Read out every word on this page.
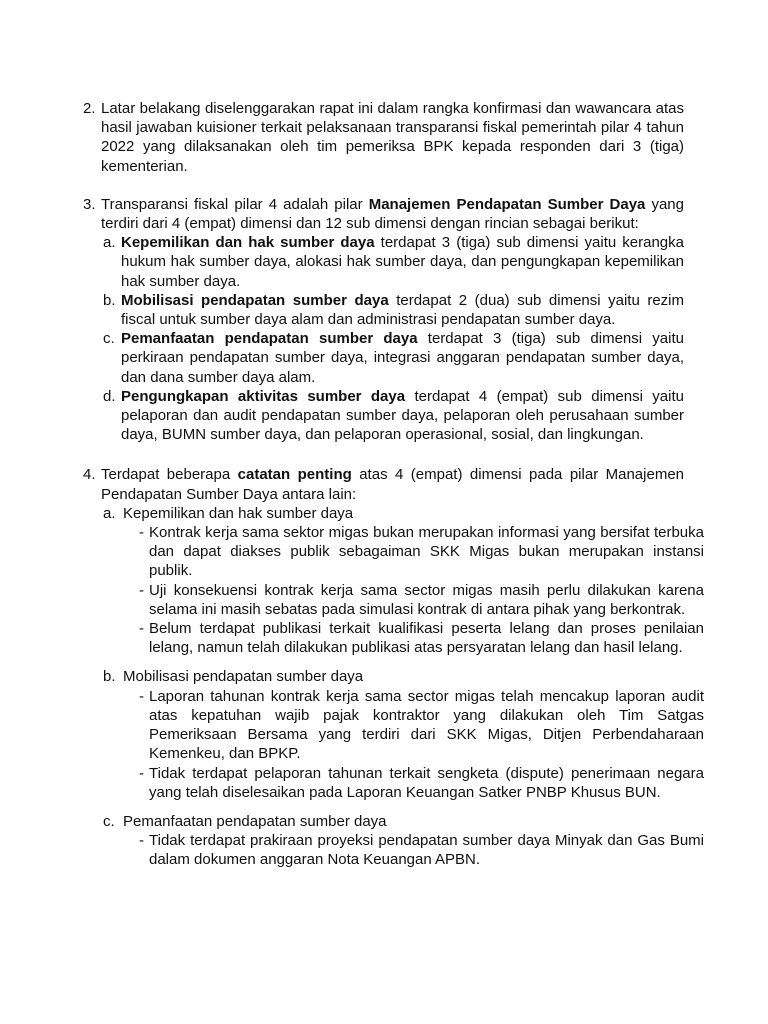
2. Latar belakang diselenggarakan rapat ini dalam rangka konfirmasi dan wawancara atas hasil jawaban kuisioner terkait pelaksanaan transparansi fiskal pemerintah pilar 4 tahun 2022 yang dilaksanakan oleh tim pemeriksa BPK kepada responden dari 3 (tiga) kementerian.
3. Transparansi fiskal pilar 4 adalah pilar Manajemen Pendapatan Sumber Daya yang terdiri dari 4 (empat) dimensi dan 12 sub dimensi dengan rincian sebagai berikut:
a. Kepemilikan dan hak sumber daya terdapat 3 (tiga) sub dimensi yaitu kerangka hukum hak sumber daya, alokasi hak sumber daya, dan pengungkapan kepemilikan hak sumber daya.
b. Mobilisasi pendapatan sumber daya terdapat 2 (dua) sub dimensi yaitu rezim fiscal untuk sumber daya alam dan administrasi pendapatan sumber daya.
c. Pemanfaatan pendapatan sumber daya terdapat 3 (tiga) sub dimensi yaitu perkiraan pendapatan sumber daya, integrasi anggaran pendapatan sumber daya, dan dana sumber daya alam.
d. Pengungkapan aktivitas sumber daya terdapat 4 (empat) sub dimensi yaitu pelaporan dan audit pendapatan sumber daya, pelaporan oleh perusahaan sumber daya, BUMN sumber daya, dan pelaporan operasional, sosial, dan lingkungan.
4. Terdapat beberapa catatan penting atas 4 (empat) dimensi pada pilar Manajemen Pendapatan Sumber Daya antara lain:
a. Kepemilikan dan hak sumber daya
- Kontrak kerja sama sektor migas bukan merupakan informasi yang bersifat terbuka dan dapat diakses publik sebagaiman SKK Migas bukan merupakan instansi publik.
- Uji konsekuensi kontrak kerja sama sector migas masih perlu dilakukan karena selama ini masih sebatas pada simulasi kontrak di antara pihak yang berkontrak.
- Belum terdapat publikasi terkait kualifikasi peserta lelang dan proses penilaian lelang, namun telah dilakukan publikasi atas persyaratan lelang dan hasil lelang.
b. Mobilisasi pendapatan sumber daya
- Laporan tahunan kontrak kerja sama sector migas telah mencakup laporan audit atas kepatuhan wajib pajak kontraktor yang dilakukan oleh Tim Satgas Pemeriksaan Bersama yang terdiri dari SKK Migas, Ditjen Perbendaharaan Kemenkeu, dan BPKP.
- Tidak terdapat pelaporan tahunan terkait sengketa (dispute) penerimaan negara yang telah diselesaikan pada Laporan Keuangan Satker PNBP Khusus BUN.
c. Pemanfaatan pendapatan sumber daya
- Tidak terdapat prakiraan proyeksi pendapatan sumber daya Minyak dan Gas Bumi dalam dokumen anggaran Nota Keuangan APBN.
